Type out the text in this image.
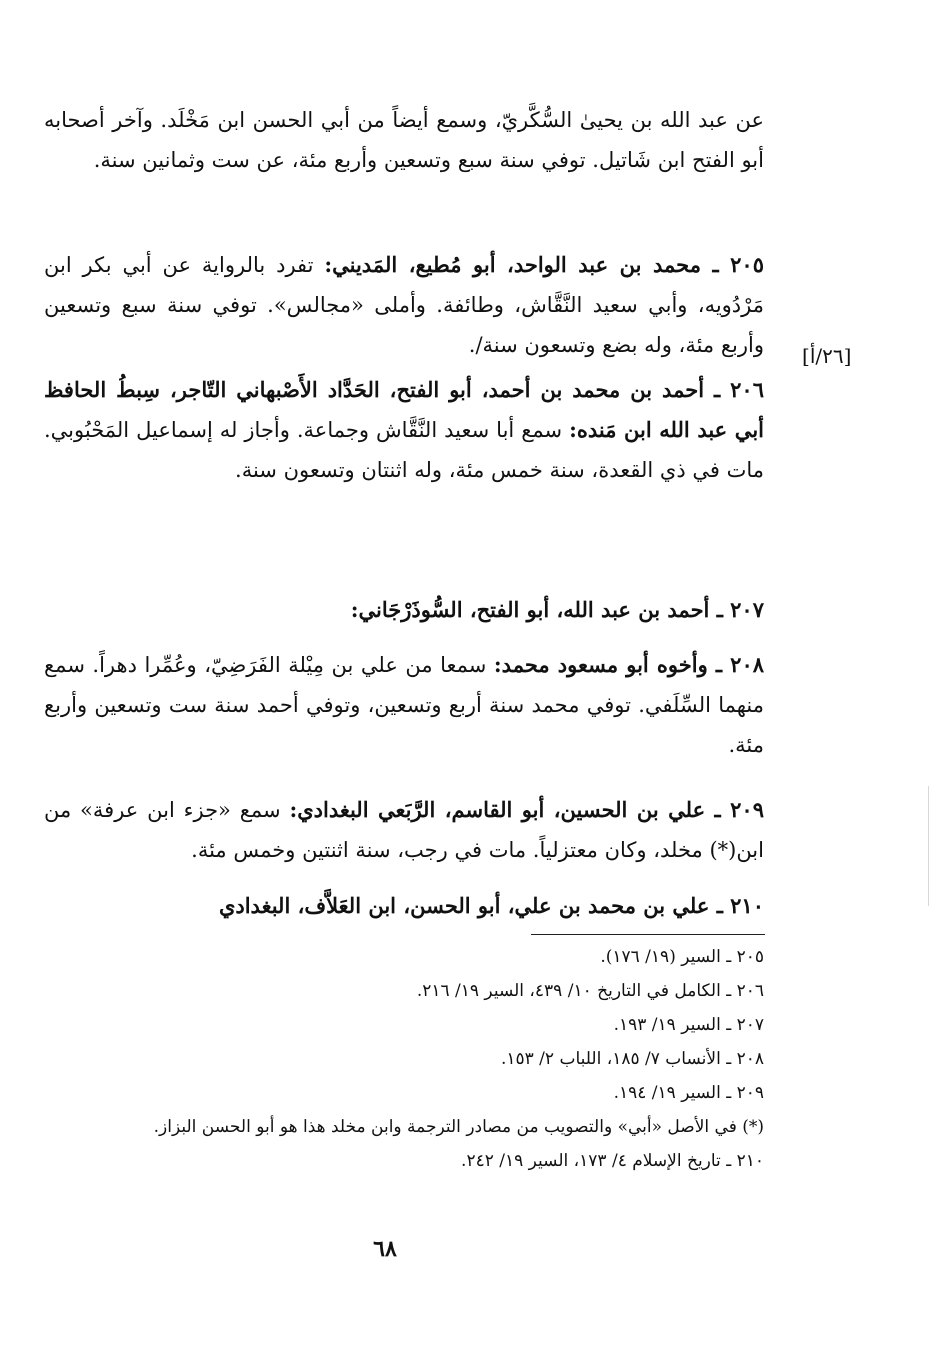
عن عبد الله بن يحيىٰ السُّكَّريّ، وسمع أيضاً من أبي الحسن ابن مَخْلَد. وآخر أصحابه أبو الفتح ابن شَاتيل. توفي سنة سبع وتسعين وأربع مئة، عن ست وثمانين سنة.
٢٠٥ ـ محمد بن عبد الواحد، أبو مُطيع، المَديني: تفرد بالرواية عن أبي بكر ابن مَرْدُويه، وأبي سعيد النَّقَّاش، وطائفة. وأملى «مجالس». توفي سنة سبع وتسعين وأربع مئة، وله بضع وتسعون سنة/. [٢٦/أ]
٢٠٦ ـ أحمد بن محمد بن أحمد، أبو الفتح، الحَدَّاد الأَصْبهاني التّاجر، سِبطُ الحافظ أبي عبد الله ابن مَنده: سمع أبا سعيد النَّقَّاش وجماعة. وأجاز له إسماعيل المَحْبُوبي. مات في ذي القعدة، سنة خمس مئة، وله اثنتان وتسعون سنة.
٢٠٧ ـ أحمد بن عبد الله، أبو الفتح، السُّوذَرْجَاني:
٢٠٨ ـ وأخوه أبو مسعود محمد: سمعا من علي بن مِيْلة الفَرَضِيّ، وعُمِّرا دهراً. سمع منهما السِّلَفي. توفي محمد سنة أربع وتسعين، وتوفي أحمد سنة ست وتسعين وأربع مئة.
٢٠٩ ـ علي بن الحسين، أبو القاسم، الرَّبَعي البغدادي: سمع «جزء ابن عرفة» من ابن(*) مخلد، وكان معتزلياً. مات في رجب، سنة اثنتين وخمس مئة.
٢١٠ ـ علي بن محمد بن علي، أبو الحسن، ابن العَلاَّف، البغدادي
٢٠٥ ـ السير (١٩/ ١٧٦).
٢٠٦ ـ الكامل في التاريخ ١٠/ ٤٣٩، السير ١٩/ ٢١٦.
٢٠٧ ـ السير ١٩/ ١٩٣.
٢٠٨ ـ الأنساب ٧/ ١٨٥، اللباب ٢/ ١٥٣.
٢٠٩ ـ السير ١٩/ ١٩٤.
(*) في الأصل «أبي» والتصويب من مصادر الترجمة وابن مخلد هذا هو أبو الحسن البزاز.
٢١٠ ـ تاريخ الإسلام ٤/ ١٧٣، السير ١٩/ ٢٤٢.
٦٨
